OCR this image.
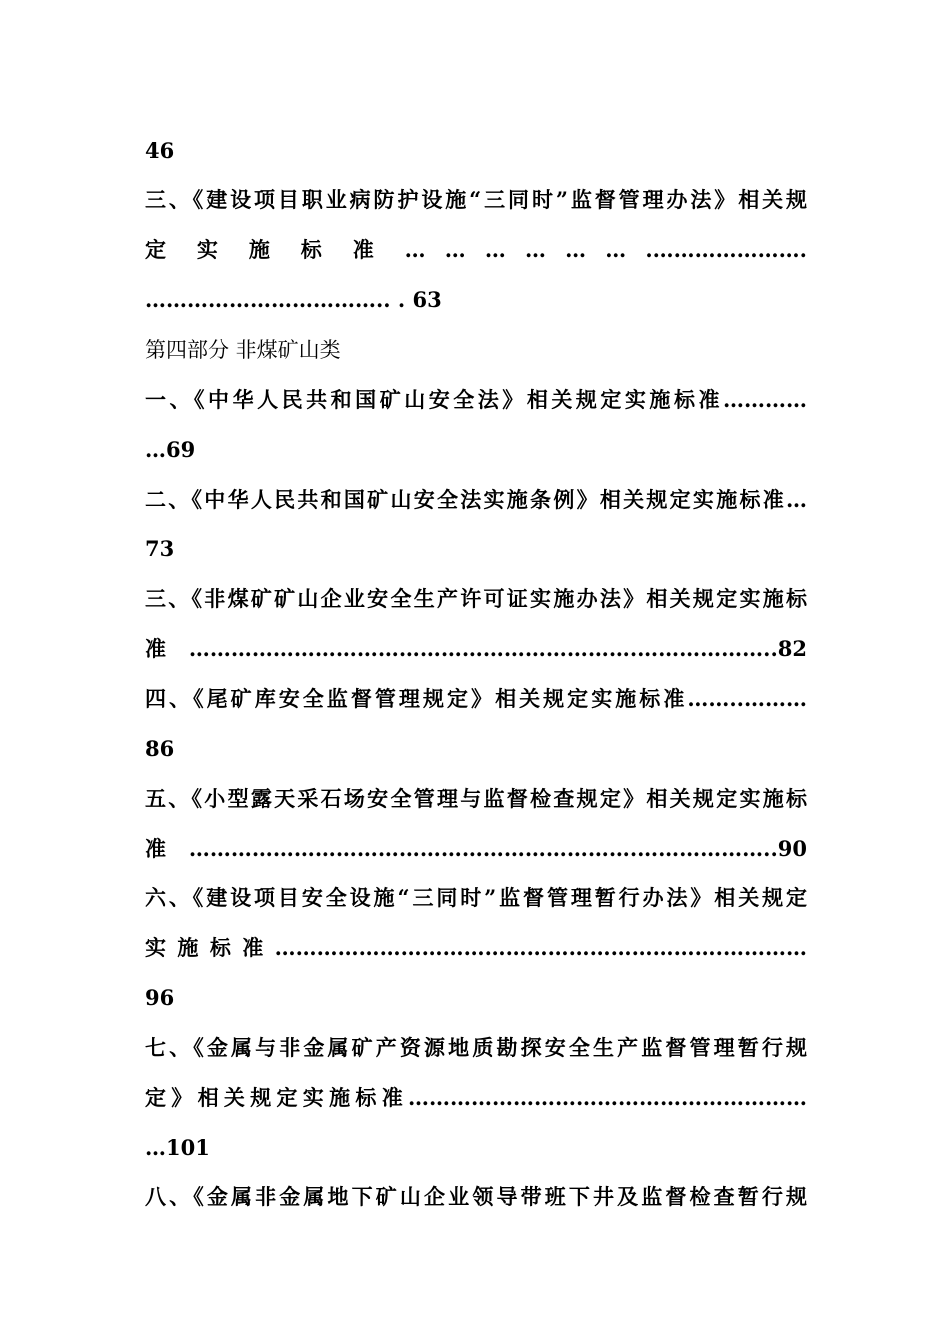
46
三、《建设项目职业病防护设施“三同时”监督管理办法》相关规
定 实 施 标 准 … … … … … … .………………….
…………………………….. . 63
第四部分 非煤矿山类
一、《中华人民共和国矿山安全法》相关规定实施标准…………
…69
二、《中华人民共和国矿山安全法实施条例》相关规定实施标准…
73
三、《非煤矿矿山企业安全生产许可证实施办法》相关规定实施标
准……………………………………………………….………………..82
四、《尾矿库安全监督管理规定》相关规定实施标准……..………
86
五、《小型露天采石场安全管理与监督检查规定》相关规定实施标
准……………………………………………………….………………..90
六、《建设项目安全设施“三同时”监督管理暂行办法》相关规定
实施标准……………………………………………………….…………
96
七、《金属与非金属矿产资源地质勘探安全生产监督管理暂行规
定》相关规定实施标准…………………………………………………
…101
八、《金属非金属地下矿山企业领导带班下井及监督检查暂行规
